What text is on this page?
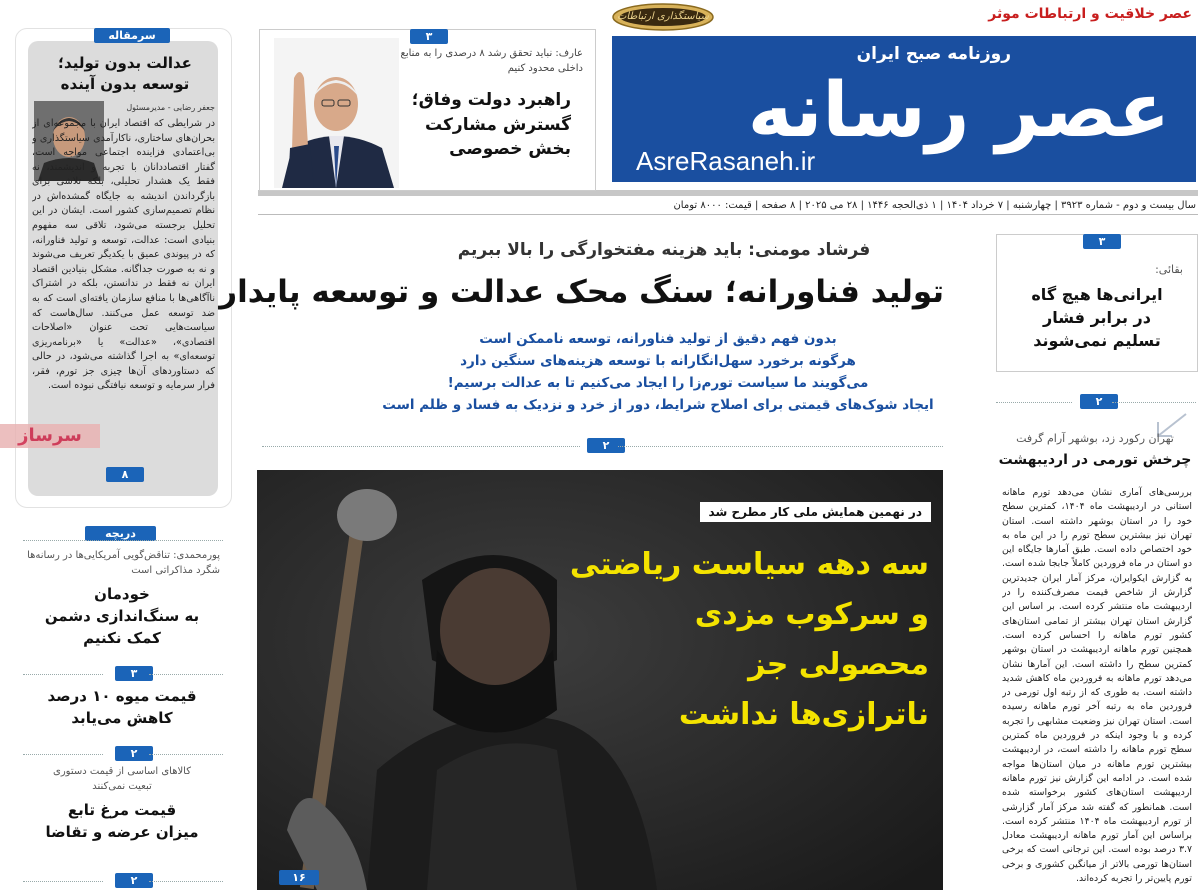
عصر خلاقیت و ارتباطات موثر
سیاستگذاری ارتباطات
روزنامه صبح ایران
عصر رسانه
AsreRasaneh.ir
سال بیست و دوم - شماره ۳۹۲۳ | چهارشنبه | ۷ خرداد ۱۴۰۴ | ۱ ذی‌الحجه ۱۴۴۶ | ۲۸ می ۲۰۲۵ | ۸ صفحه | قیمت: ۸۰۰۰ تومان
۳
عارف: نباید تحقق رشد ۸ درصدی را به منابع داخلی محدود کنیم
راهبرد دولت وفاق؛
گسترش مشارکت
بخش خصوصی
سرمقاله
عدالت بدون تولید؛
توسعه بدون آینده
جعفر رضایی - مدیرمسئول
در شرایطی که اقتصاد ایران با مجموعه‌ای از بحران‌های ساختاری، ناکارآمدی سیاستگذاری و بی‌اعتمادی فزاینده اجتماعی مواجه است، گفتار اقتصاددانان با تجربه و اندیشمند، نه فقط یک هشدار تحلیلی، بلکه تلاشی برای بازگرداندن اندیشه به جایگاه گمشده‌اش در نظام تصمیم‌سازی کشور است. ایشان در این تحلیل برجسته می‌شود، تلاقی سه مفهوم بنیادی است: عدالت، توسعه و تولید فناورانه، که در پیوندی عمیق با یکدیگر تعریف می‌شوند و نه به صورت جداگانه. مشکل بنیادین اقتصاد ایران نه فقط در ندانستن، بلکه در اشتراک ناآگاهی‌ها با منافع سازمان یافته‌ای است که به ضد توسعه عمل می‌کنند. سال‌هاست که سیاست‌هایی تحت عنوان «اصلاحات اقتصادی»، «عدالت» یا «برنامه‌ریزی توسعه‌ای» به اجرا گذاشته می‌شود، در حالی که دستاوردهای آن‌ها چیزی جز تورم، فقر، فرار سرمایه و توسعه نیافتگی نبوده است.
۸
سرساز
دریچه
پورمحمدی: تناقض‌گویی آمریکایی‌ها در رسانه‌ها شگرد مذاکراتی است
خودمان
به سنگ‌اندازی دشمن
کمک نکنیم
۳
قیمت میوه ۱۰ درصد
کاهش می‌یابد
۲
کالاهای اساسی از قیمت دستوری تبعیت نمی‌کنند
قیمت مرغ تابع
میزان عرضه و تقاضا
۲
فرشاد مومنی: باید هزینه مفتخوارگی را بالا ببریم
تولید فناورانه؛ سنگ محک عدالت و توسعه پایدار
بدون فهم دقیق از تولید فناورانه، توسعه ناممکن است
هرگونه برخورد سهل‌انگارانه با توسعه هزینه‌های سنگین دارد
می‌گویند ما سیاست تورم‌زا را ایجاد می‌کنیم تا به عدالت برسیم!
ایجاد شوک‌های قیمتی برای اصلاح شرایط، دور از خرد و نزدیک به فساد و ظلم است
۲
در نهمین همایش ملی کار مطرح شد
سه دهه سیاست ریاضتی
و سرکوب مزدی
محصولی جز
ناترازی‌ها نداشت
۱۶
۳
بقائی:
ایرانی‌ها هیچ گاه
در برابر فشار
تسلیم نمی‌شوند
۲
تهران رکورد زد، بوشهر آرام گرفت
چرخش تورمی در اردیبهشت
بررسی‌های آماری نشان می‌دهد تورم ماهانه استانی در اردیبهشت ماه ۱۴۰۴، کمترین سطح خود را در استان بوشهر داشته است. استان تهران نیز بیشترین سطح تورم را در این ماه به خود اختصاص داده است. طبق آمارها جایگاه این دو استان در ماه فروردین کاملاً جابجا شده است. به گزارش ایکوایران، مرکز آمار ایران جدیدترین گزارش از شاخص قیمت مصرف‌کننده را در اردیبهشت ماه منتشر کرده است. بر اساس این گزارش استان تهران بیشتر از تمامی استان‌های کشور تورم ماهانه را احساس کرده است. همچنین تورم ماهانه اردیبهشت در استان بوشهر کمترین سطح را داشته است. این آمارها نشان می‌دهد تورم ماهانه به فروردین ماه کاهش شدید داشته است. به طوری که از رتبه اول تورمی در فروردین ماه به رتبه آخر تورم ماهانه رسیده است. استان تهران نیز وضعیت مشابهی را تجربه کرده و با وجود اینکه در فروردین ماه کمترین سطح تورم ماهانه را داشته است، در اردیبهشت بیشترین تورم ماهانه در میان استان‌ها مواجه شده است. در ادامه این گزارش نیز تورم ماهانه اردیبهشت استان‌های کشور برخواسته شده است. همانطور که گفته شد مرکز آمار گزارشی از تورم اردیبهشت ماه ۱۴۰۴ منتشر کرده است. براساس این آمار تورم ماهانه اردیبهشت معادل ۳.۷ درصد بوده است. این ترجانی است که برخی استان‌ها تورمی بالاتر از میانگین کشوری و برخی تورم پایین‌تر را تجربه کرده‌اند.
